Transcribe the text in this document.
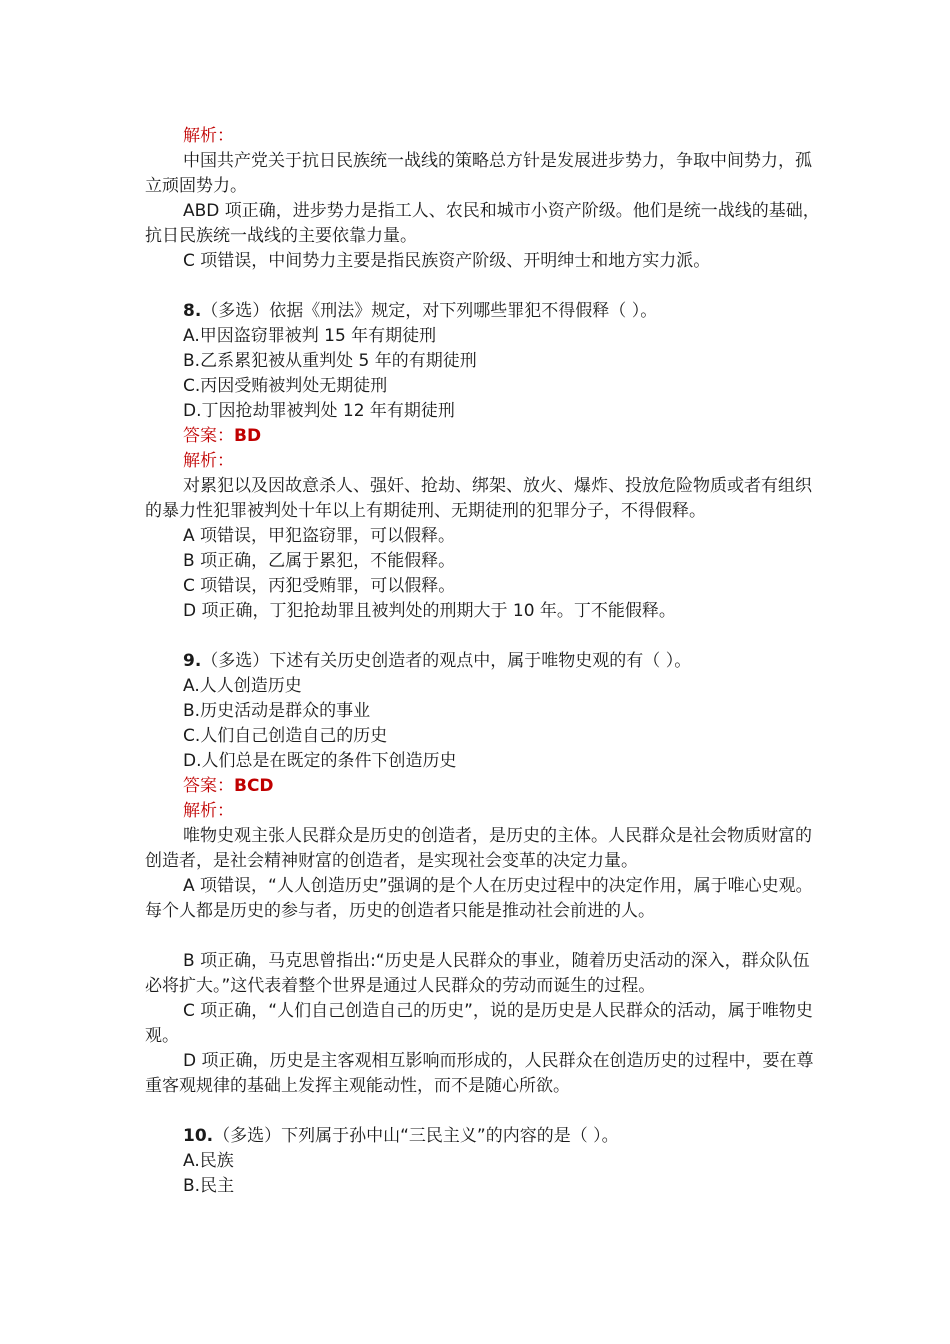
解析：
中国共产党关于抗日民族统一战线的策略总方针是发展进步势力，争取中间势力，孤立顽固势力。
ABD 项正确，进步势力是指工人、农民和城市小资产阶级。他们是统一战线的基础，抗日民族统一战线的主要依靠力量。
C 项错误，中间势力主要是指民族资产阶级、开明绅士和地方实力派。
8.（多选）依据《刑法》规定，对下列哪些罪犯不得假释（ ）。
A.甲因盗窃罪被判 15 年有期徒刑
B.乙系累犯被从重判处 5 年的有期徒刑
C.丙因受贿被判处无期徒刑
D.丁因抢劫罪被判处 12 年有期徒刑
答案：BD
解析：
对累犯以及因故意杀人、强奸、抢劫、绑架、放火、爆炸、投放危险物质或者有组织的暴力性犯罪被判处十年以上有期徒刑、无期徒刑的犯罪分子，不得假释。
A 项错误，甲犯盗窃罪，可以假释。
B 项正确，乙属于累犯，不能假释。
C 项错误，丙犯受贿罪，可以假释。
D 项正确，丁犯抢劫罪且被判处的刑期大于 10 年。丁不能假释。
9.（多选）下述有关历史创造者的观点中，属于唯物史观的有（ ）。
A.人人创造历史
B.历史活动是群众的事业
C.人们自己创造自己的历史
D.人们总是在既定的条件下创造历史
答案：BCD
解析：
唯物史观主张人民群众是历史的创造者，是历史的主体。人民群众是社会物质财富的创造者，是社会精神财富的创造者，是实现社会变革的决定力量。
A 项错误，“人人创造历史”强调的是个人在历史过程中的决定作用，属于唯心史观。每个人都是历史的参与者，历史的创造者只能是推动社会前进的人。
B 项正确，马克思曾指出:“历史是人民群众的事业，随着历史活动的深入，群众队伍必将扩大。”这代表着整个世界是通过人民群众的劳动而诞生的过程。
C 项正确，“人们自己创造自己的历史”，说的是历史是人民群众的活动，属于唯物史观。
D 项正确，历史是主客观相互影响而形成的，人民群众在创造历史的过程中，要在尊重客观规律的基础上发挥主观能动性，而不是随心所欲。
10.（多选）下列属于孙中山“三民主义”的内容的是（ ）。
A.民族
B.民主
